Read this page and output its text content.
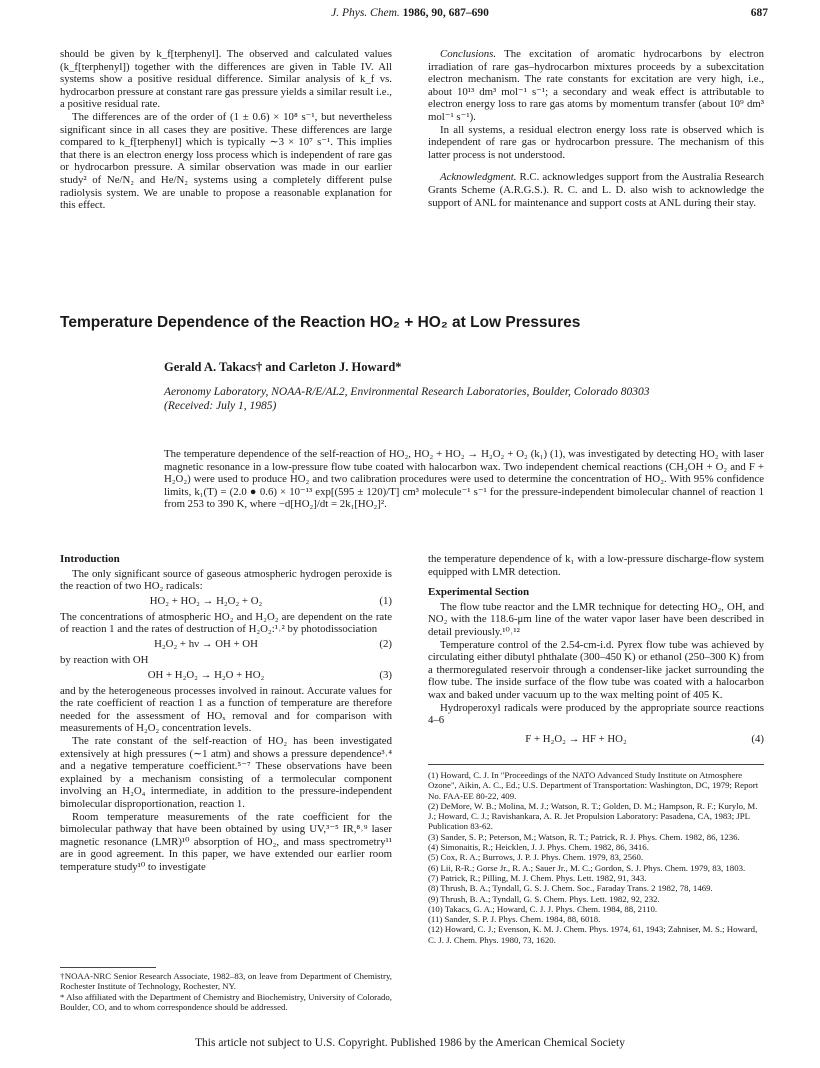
J. Phys. Chem. 1986, 90, 687–690	687

should be given by k_f[terphenyl]. The observed and calculated values (k_f[terphenyl]) together with the differences are given in Table IV. All systems show a positive residual difference. Similar analysis of k_f vs. hydrocarbon pressure at constant rare gas pressure yields a similar result i.e., a positive residual rate.

The differences are of the order of (1 ± 0.6) × 10⁸ s⁻¹, but nevertheless significant since in all cases they are positive. These differences are large compared to k_f[terphenyl] which is typically ∼3 × 10⁷ s⁻¹. This implies that there is an electron energy loss process which is independent of rare gas or hydrocarbon pressure. A similar observation was made in our earlier study² of Ne/N₂ and He/N₂ systems using a completely different pulse radiolysis system. We are unable to propose a reasonable explanation for this effect.

Conclusions. The excitation of aromatic hydrocarbons by electron irradiation of rare gas–hydrocarbon mixtures proceeds by a subexcitation electron mechanism. The rate constants for excitation are very high, i.e., about 10¹³ dm³ mol⁻¹ s⁻¹; a secondary and weak effect is attributable to electron energy loss to rare gas atoms by momentum transfer (about 10⁹ dm³ mol⁻¹ s⁻¹).

In all systems, a residual electron energy loss rate is observed which is independent of rare gas or hydrocarbon pressure. The mechanism of this latter process is not understood.

Acknowledgment. R.C. acknowledges support from the Australia Research Grants Scheme (A.R.G.S.). R. C. and L. D. also wish to acknowledge the support of ANL for maintenance and support costs at ANL during their stay.

Temperature Dependence of the Reaction HO₂ + HO₂ at Low Pressures
Gerald A. Takacs† and Carleton J. Howard*
Aeronomy Laboratory, NOAA-R/E/AL2, Environmental Research Laboratories, Boulder, Colorado 80303
(Received: July 1, 1985)
The temperature dependence of the self-reaction of HO₂, HO₂ + HO₂ → H₂O₂ + O₂ (k₁) (1), was investigated by detecting HO₂ with laser magnetic resonance in a low-pressure flow tube coated with halocarbon wax. Two independent chemical reactions (CH₂OH + O₂ and F + H₂O₂) were used to produce HO₂ and two calibration procedures were used to determine the concentration of HO₂. With 95% confidence limits, k₁(T) = (2.0 ● 0.6) × 10⁻¹³ exp[(595 ± 120)/T] cm³ molecule⁻¹ s⁻¹ for the pressure-independent bimolecular channel of reaction 1 from 253 to 390 K, where −d[HO₂]/dt = 2k₁[HO₂]².
Introduction

The only significant source of gaseous atmospheric hydrogen peroxide is the reaction of two HO₂ radicals:

HO₂ + HO₂ → H₂O₂ + O₂	(1)

The concentrations of atmospheric HO₂ and H₂O₂ are dependent on the rate of reaction 1 and the rates of destruction of H₂O₂:¹˒² by photodissociation

H₂O₂ + hν → OH + OH	(2)

by reaction with OH

OH + H₂O₂ → H₂O + HO₂	(3)

and by the heterogeneous processes involved in rainout. Accurate values for the rate coefficient of reaction 1 as a function of temperature are therefore needed for the assessment of HOₓ removal and for comparison with measurements of H₂O₂ concentration levels.

The rate constant of the self-reaction of HO₂ has been investigated extensively at high pressures (∼1 atm) and shows a pressure dependence³˒⁴ and a negative temperature coefficient.⁵⁻⁷ These observations have been explained by a mechanism consisting of a termolecular component involving an H₂O₄ intermediate, in addition to the pressure-independent bimolecular disproportionation, reaction 1.

Room temperature measurements of the rate coefficient for the bimolecular pathway that have been obtained by using UV,³⁻⁵ IR,⁸˒⁹ laser magnetic resonance (LMR)¹⁰ absorption of HO₂, and mass spectrometry¹¹ are in good agreement. In this paper, we have extended our earlier room temperature study¹⁰ to investigate

†NOAA-NRC Senior Research Associate, 1982–83, on leave from Department of Chemistry, Rochester Institute of Technology, Rochester, NY.
* Also affiliated with the Department of Chemistry and Biochemistry, University of Colorado, Boulder, CO, and to whom correspondence should be addressed.

the temperature dependence of k₁ with a low-pressure discharge-flow system equipped with LMR detection.

Experimental Section

The flow tube reactor and the LMR technique for detecting HO₂, OH, and NO₂ with the 118.6-μm line of the water vapor laser have been described in detail previously.¹⁰˒¹²

Temperature control of the 2.54-cm-i.d. Pyrex flow tube was achieved by circulating either dibutyl phthalate (300–450 K) or ethanol (250–300 K) from a thermoregulated reservoir through a condenser-like jacket surrounding the flow tube. The inside surface of the flow tube was coated with a halocarbon wax and baked under vacuum up to the wax melting point of 405 K.

Hydroperoxyl radicals were produced by the appropriate source reactions 4–6

F + H₂O₂ → HF + HO₂	(4)
(1) Howard, C. J. In "Proceedings of the NATO Advanced Study Institute on Atmosphere Ozone", Aikin, A. C., Ed.; U.S. Department of Transportation: Washington, DC, 1979; Report No. FAA-EE 80-22, 409.
(2) DeMore, W. B.; Molina, M. J.; Watson, R. T.; Golden, D. M.; Hampson, R. F.; Kurylo, M. J.; Howard, C. J.; Ravishankara, A. R. Jet Propulsion Laboratory: Pasadena, CA, 1983; JPL Publication 83-62.
(3) Sander, S. P.; Peterson, M.; Watson, R. T.; Patrick, R. J. Phys. Chem. 1982, 86, 1236.
(4) Simonaitis, R.; Heicklen, J. J. Phys. Chem. 1982, 86, 3416.
(5) Cox, R. A.; Burrows, J. P. J. Phys. Chem. 1979, 83, 2560.
(6) Lii, R-R.; Gorse Jr., R. A.; Sauer Jr., M. C.; Gordon, S. J. Phys. Chem. 1979, 83, 1803.
(7) Patrick, R.; Pilling, M. J. Chem. Phys. Lett. 1982, 91, 343.
(8) Thrush, B. A.; Tyndall, G. S. J. Chem. Soc., Faraday Trans. 2 1982, 78, 1469.
(9) Thrush, B. A.; Tyndall, G. S. Chem. Phys. Lett. 1982, 92, 232.
(10) Takacs, G. A.; Howard, C. J. J. Phys. Chem. 1984, 88, 2110.
(11) Sander, S. P. J. Phys. Chem. 1984, 88, 6018.
(12) Howard, C. J.; Evenson, K. M. J. Chem. Phys. 1974, 61, 1943; Zahniser, M. S.; Howard, C. J. J. Chem. Phys. 1980, 73, 1620.
This article not subject to U.S. Copyright. Published 1986 by the American Chemical Society
